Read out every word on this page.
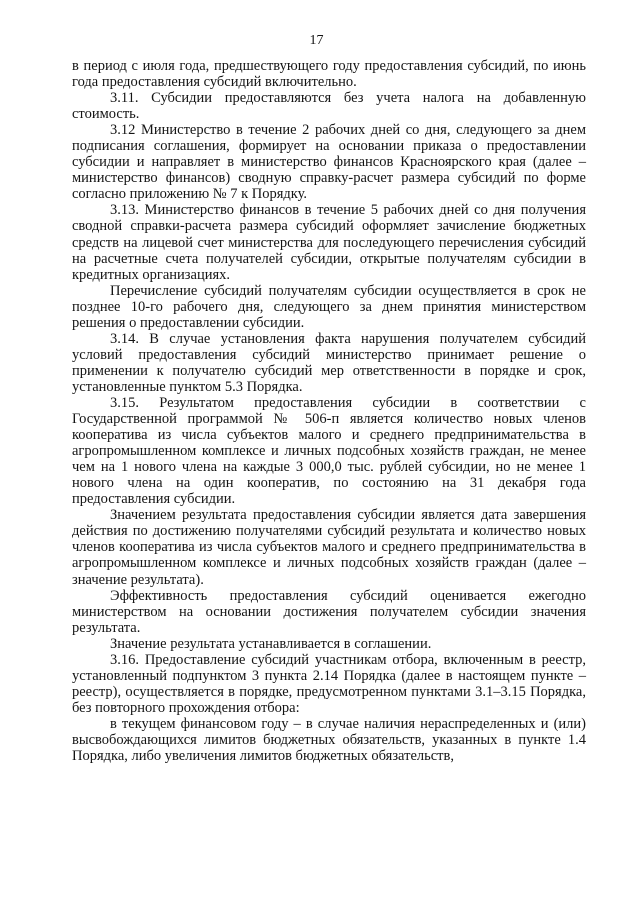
17

в период с июля года, предшествующего году предоставления субсидий, по июнь года предоставления субсидий включительно.

3.11. Субсидии предоставляются без учета налога на добавленную стоимость.

3.12 Министерство в течение 2 рабочих дней со дня, следующего за днем подписания соглашения, формирует на основании приказа о предоставлении субсидии и направляет в министерство финансов Красноярского края (далее – министерство финансов) сводную справку-расчет размера субсидий по форме согласно приложению № 7 к Порядку.

3.13. Министерство финансов в течение 5 рабочих дней со дня получения сводной справки-расчета размера субсидий оформляет зачисление бюджетных средств на лицевой счет министерства для последующего перечисления субсидий на расчетные счета получателей субсидии, открытые получателям субсидии в кредитных организациях.

Перечисление субсидий получателям субсидии осуществляется в срок не позднее 10-го рабочего дня, следующего за днем принятия министерством решения о предоставлении субсидии.

3.14. В случае установления факта нарушения получателем субсидий условий предоставления субсидий министерство принимает решение о применении к получателю субсидий мер ответственности в порядке и срок, установленные пунктом 5.3 Порядка.

3.15. Результатом предоставления субсидии в соответствии с Государственной программой № 506-п является количество новых членов кооператива из числа субъектов малого и среднего предпринимательства в агропромышленном комплексе и личных подсобных хозяйств граждан, не менее чем на 1 нового члена на каждые 3 000,0 тыс. рублей субсидии, но не менее 1 нового члена на один кооператив, по состоянию на 31 декабря года предоставления субсидии.

Значением результата предоставления субсидии является дата завершения действия по достижению получателями субсидий результата и количество новых членов кооператива из числа субъектов малого и среднего предпринимательства в агропромышленном комплексе и личных подсобных хозяйств граждан (далее – значение результата).

Эффективность предоставления субсидий оценивается ежегодно министерством на основании достижения получателем субсидии значения результата.

Значение результата устанавливается в соглашении.

3.16. Предоставление субсидий участникам отбора, включенным в реестр, установленный подпунктом 3 пункта 2.14 Порядка (далее в настоящем пункте – реестр), осуществляется в порядке, предусмотренном пунктами 3.1–3.15 Порядка, без повторного прохождения отбора:

в текущем финансовом году – в случае наличия нераспределенных и (или) высвобождающихся лимитов бюджетных обязательств, указанных в пункте 1.4 Порядка, либо увеличения лимитов бюджетных обязательств,
